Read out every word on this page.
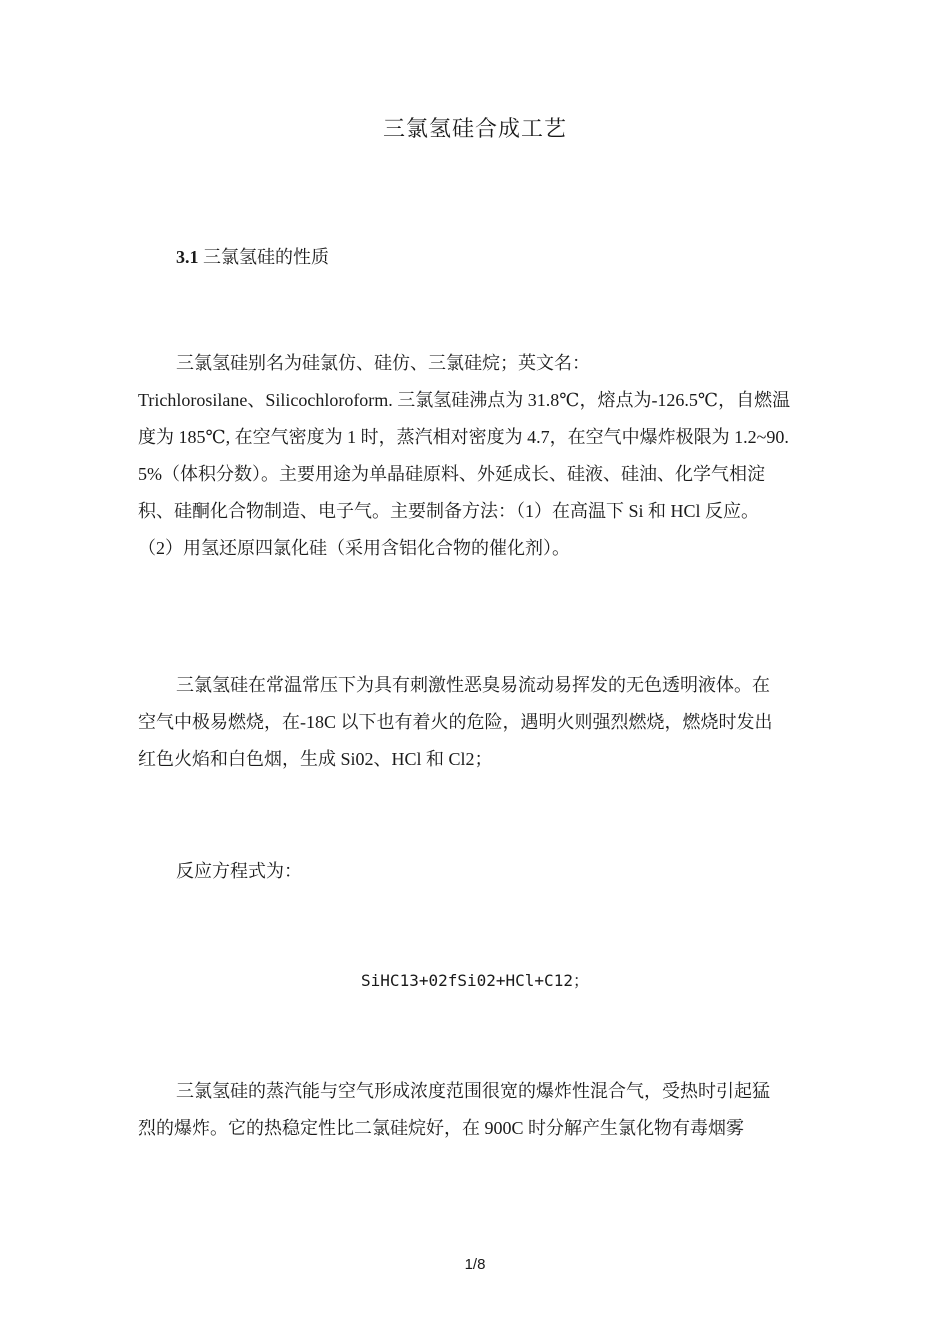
三氯氢硅合成工艺
3.1 三氯氢硅的性质
三氯氢硅别名为硅氯仿、硅仿、三氯硅烷；英文名：
Trichlorosilane、Silicochloroform. 三氯氢硅沸点为 31.8℃，熔点为-126.5℃，自燃温
度为 185℃, 在空气密度为 1 时，蒸汽相对密度为 4.7，在空气中爆炸极限为 1.2~90.
5%（体积分数）。主要用途为单晶硅原料、外延成长、硅液、硅油、化学气相淀
积、硅酮化合物制造、电子气。主要制备方法：（1）在高温下 Si 和 HCl 反应。
（2）用氢还原四氯化硅（采用含铝化合物的催化剂）。
三氯氢硅在常温常压下为具有刺激性恶臭易流动易挥发的无色透明液体。在
空气中极易燃烧，在-18C 以下也有着火的危险，遇明火则强烈燃烧，燃烧时发出
红色火焰和白色烟，生成 Si02、HCl 和 Cl2；
反应方程式为：
SiHC13+02fSi02+HCl+C12；
三氯氢硅的蒸汽能与空气形成浓度范围很宽的爆炸性混合气，受热时引起猛
烈的爆炸。它的热稳定性比二氯硅烷好，在 900C 时分解产生氯化物有毒烟雾
1/8
